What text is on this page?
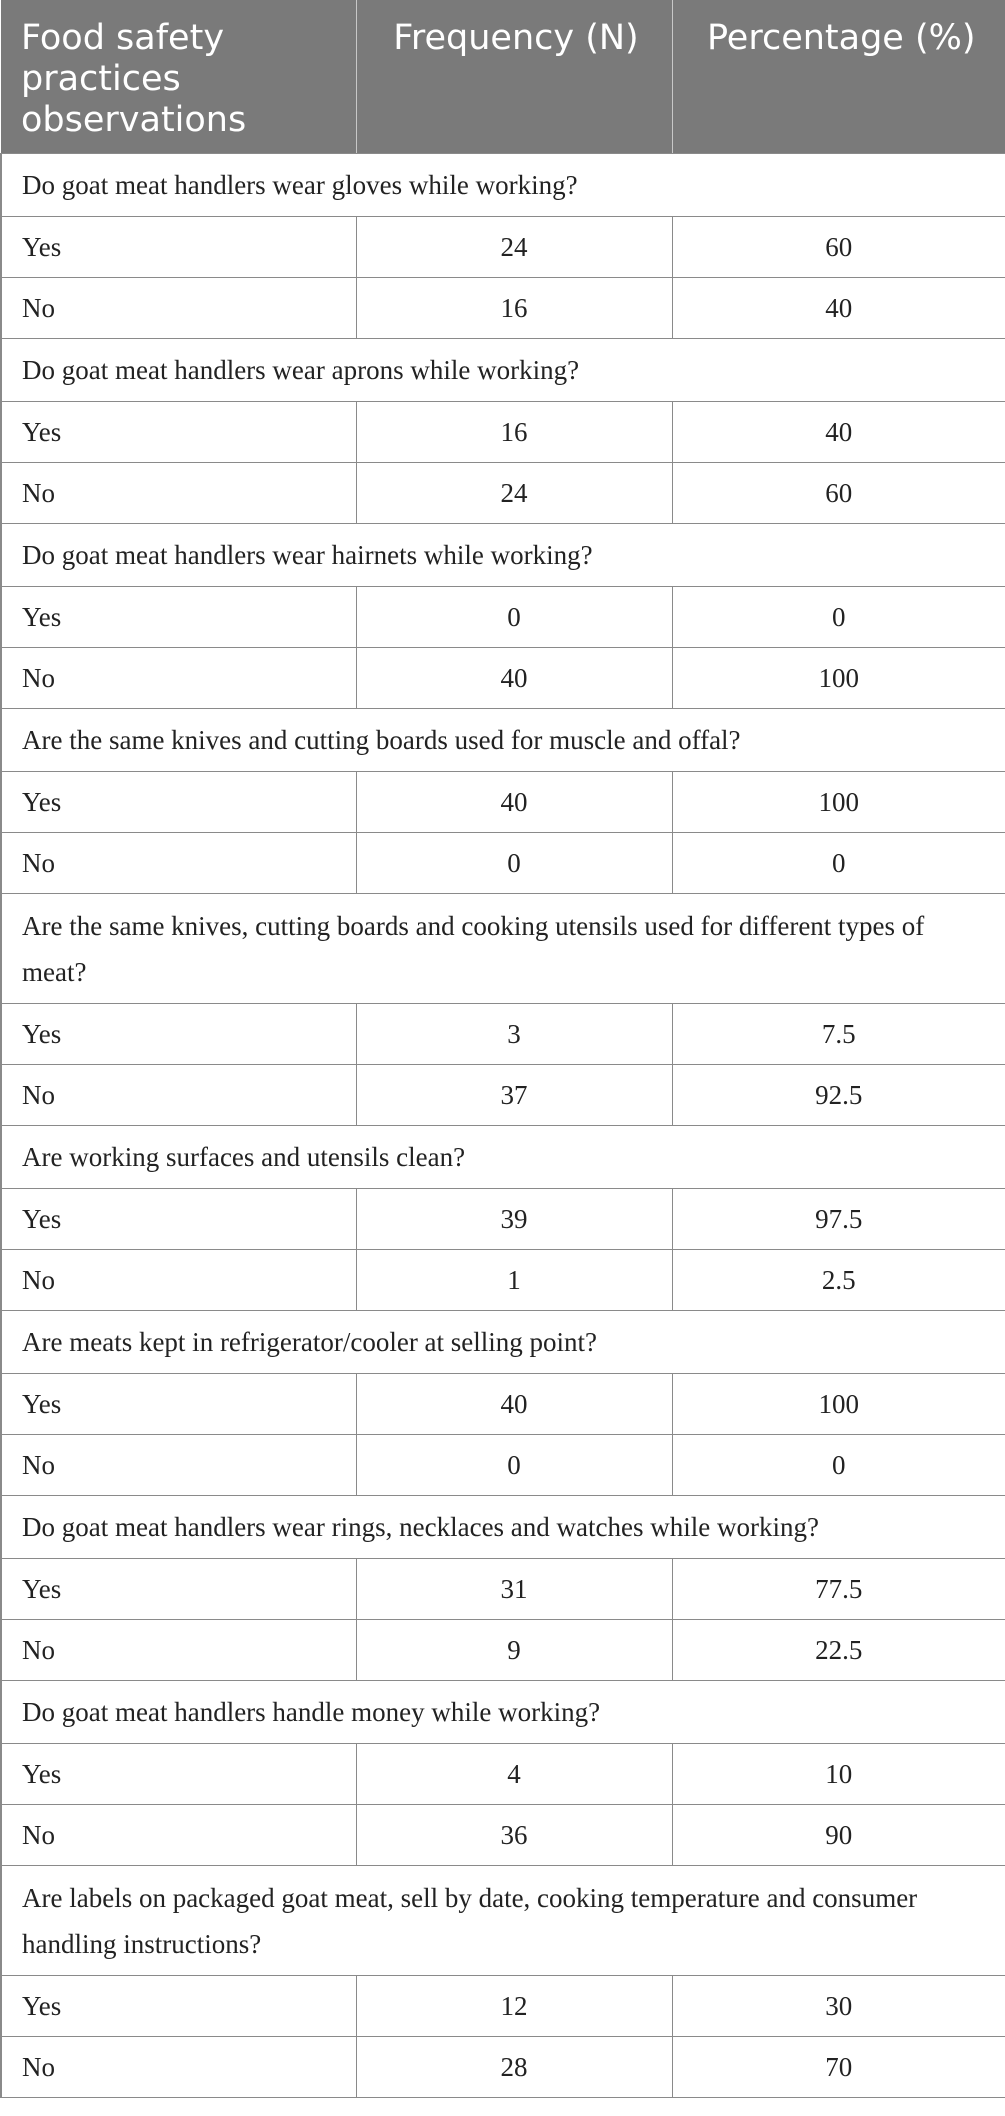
Food safety practices observations	Frequency (N)	Percentage (%)
Do goat meat handlers wear gloves while working?		
Yes	24	60
No	16	40
Do goat meat handlers wear aprons while working?		
Yes	16	40
No	24	60
Do goat meat handlers wear hairnets while working?		
Yes	0	0
No	40	100
Are the same knives and cutting boards used for muscle and offal?		
Yes	40	100
No	0	0
Are the same knives, cutting boards and cooking utensils used for different types of meat?		
Yes	3	7.5
No	37	92.5
Are working surfaces and utensils clean?		
Yes	39	97.5
No	1	2.5
Are meats kept in refrigerator/cooler at selling point?		
Yes	40	100
No	0	0
Do goat meat handlers wear rings, necklaces and watches while working?		
Yes	31	77.5
No	9	22.5
Do goat meat handlers handle money while working?		
Yes	4	10
No	36	90
Are labels on packaged goat meat, sell by date, cooking temperature and consumer handling instructions?		
Yes	12	30
No	28	70
